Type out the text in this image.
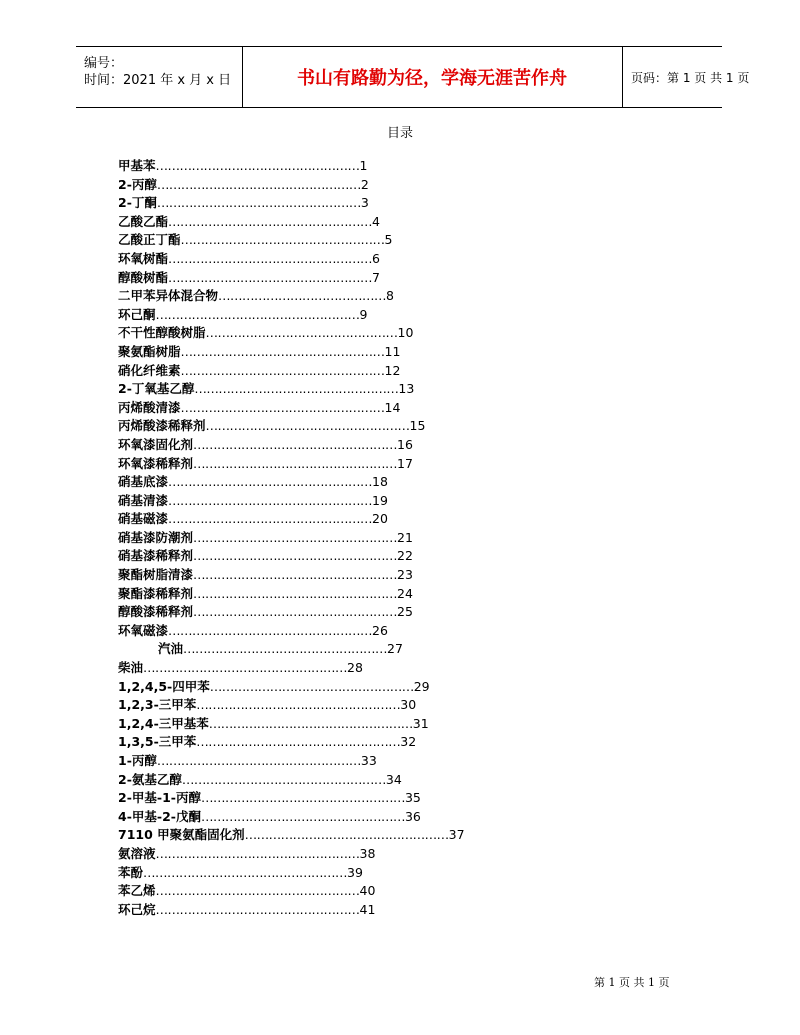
编号：
时间：2021 年 x 月 x 日	书山有路勤为径，学海无涯苦作舟	页码：第 1 页 共 1 页
目录
甲基苯……………………………………………1
2-丙醇……………………………………………2
2-丁酮……………………………………………3
乙酸乙酯……………………………………………4
乙酸正丁酯……………………………………………5
环氧树酯……………………………………………6
醇酸树酯……………………………………………7
二甲苯异体混合物……………………………………8
环己酮……………………………………………9
不干性醇酸树脂…………………………………………10
聚氨酯树脂……………………………………………11
硝化纤维素……………………………………………12
2-丁氧基乙醇……………………………………………13
丙烯酸清漆……………………………………………14
丙烯酸漆稀释剂……………………………………………15
环氧漆固化剂……………………………………………16
环氧漆稀释剂……………………………………………17
硝基底漆……………………………………………18
硝基清漆……………………………………………19
硝基磁漆……………………………………………20
硝基漆防潮剂……………………………………………21
硝基漆稀释剂……………………………………………22
聚酯树脂清漆……………………………………………23
聚酯漆稀释剂……………………………………………24
醇酸漆稀释剂……………………………………………25
环氧磁漆……………………………………………26
汽油……………………………………………27
柴油……………………………………………28
1,2,4,5-四甲苯……………………………………………29
1,2,3-三甲苯……………………………………………30
1,2,4-三甲基苯……………………………………………31
1,3,5-三甲苯……………………………………………32
1-丙醇……………………………………………33
2-氨基乙醇……………………………………………34
2-甲基-1-丙醇……………………………………………35
4-甲基-2-戊酮……………………………………………36
7110 甲聚氨酯固化剂……………………………………………37
氨溶液……………………………………………38
苯酚……………………………………………39
苯乙烯……………………………………………40
环己烷……………………………………………41
第 1 页 共 1 页
